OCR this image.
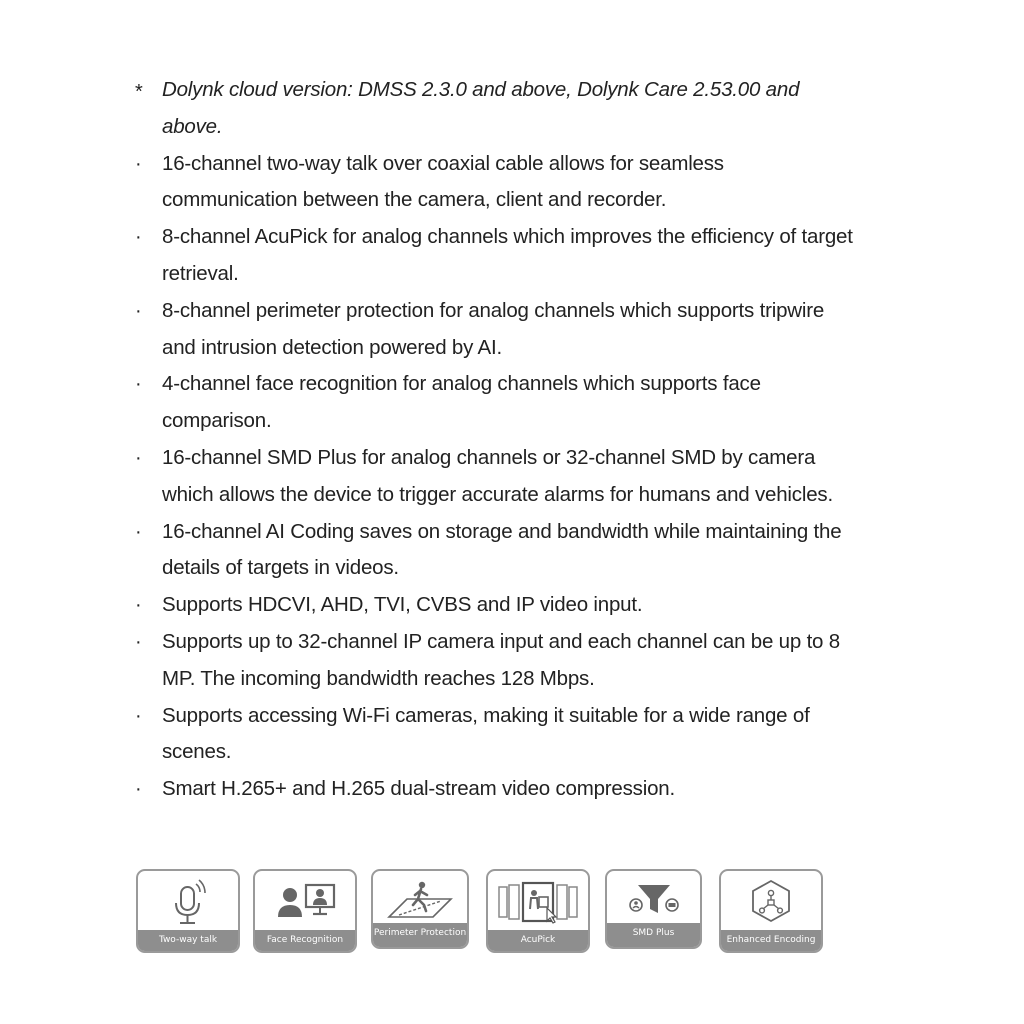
* Dolynk cloud version: DMSS 2.3.0 and above, Dolynk Care 2.53.00 and above.
·	16-channel two-way talk over coaxial cable allows for seamless communication between the camera, client and recorder.
·	8-channel AcuPick for analog channels which improves the efficiency of target retrieval.
·	8-channel perimeter protection for analog channels which supports tripwire and intrusion detection powered by AI.
·	4-channel face recognition for analog channels which supports face comparison.
·	16-channel SMD Plus for analog channels or 32-channel SMD by camera which allows the device to trigger accurate alarms for humans and vehicles.
·	16-channel AI Coding saves on storage and bandwidth while maintaining the details of targets in videos.
·	Supports HDCVI, AHD, TVI, CVBS and IP video input.
·	Supports up to 32-channel IP camera input and each channel can be up to 8 MP. The incoming bandwidth reaches 128 Mbps.
·	Supports accessing Wi-Fi cameras, making it suitable for a wide range of scenes.
·	Smart H.265+ and H.265 dual-stream video compression.
Two-way talk	Face Recognition
Perimeter Protection
AcuPick
SMD Plus
Enhanced Encoding
